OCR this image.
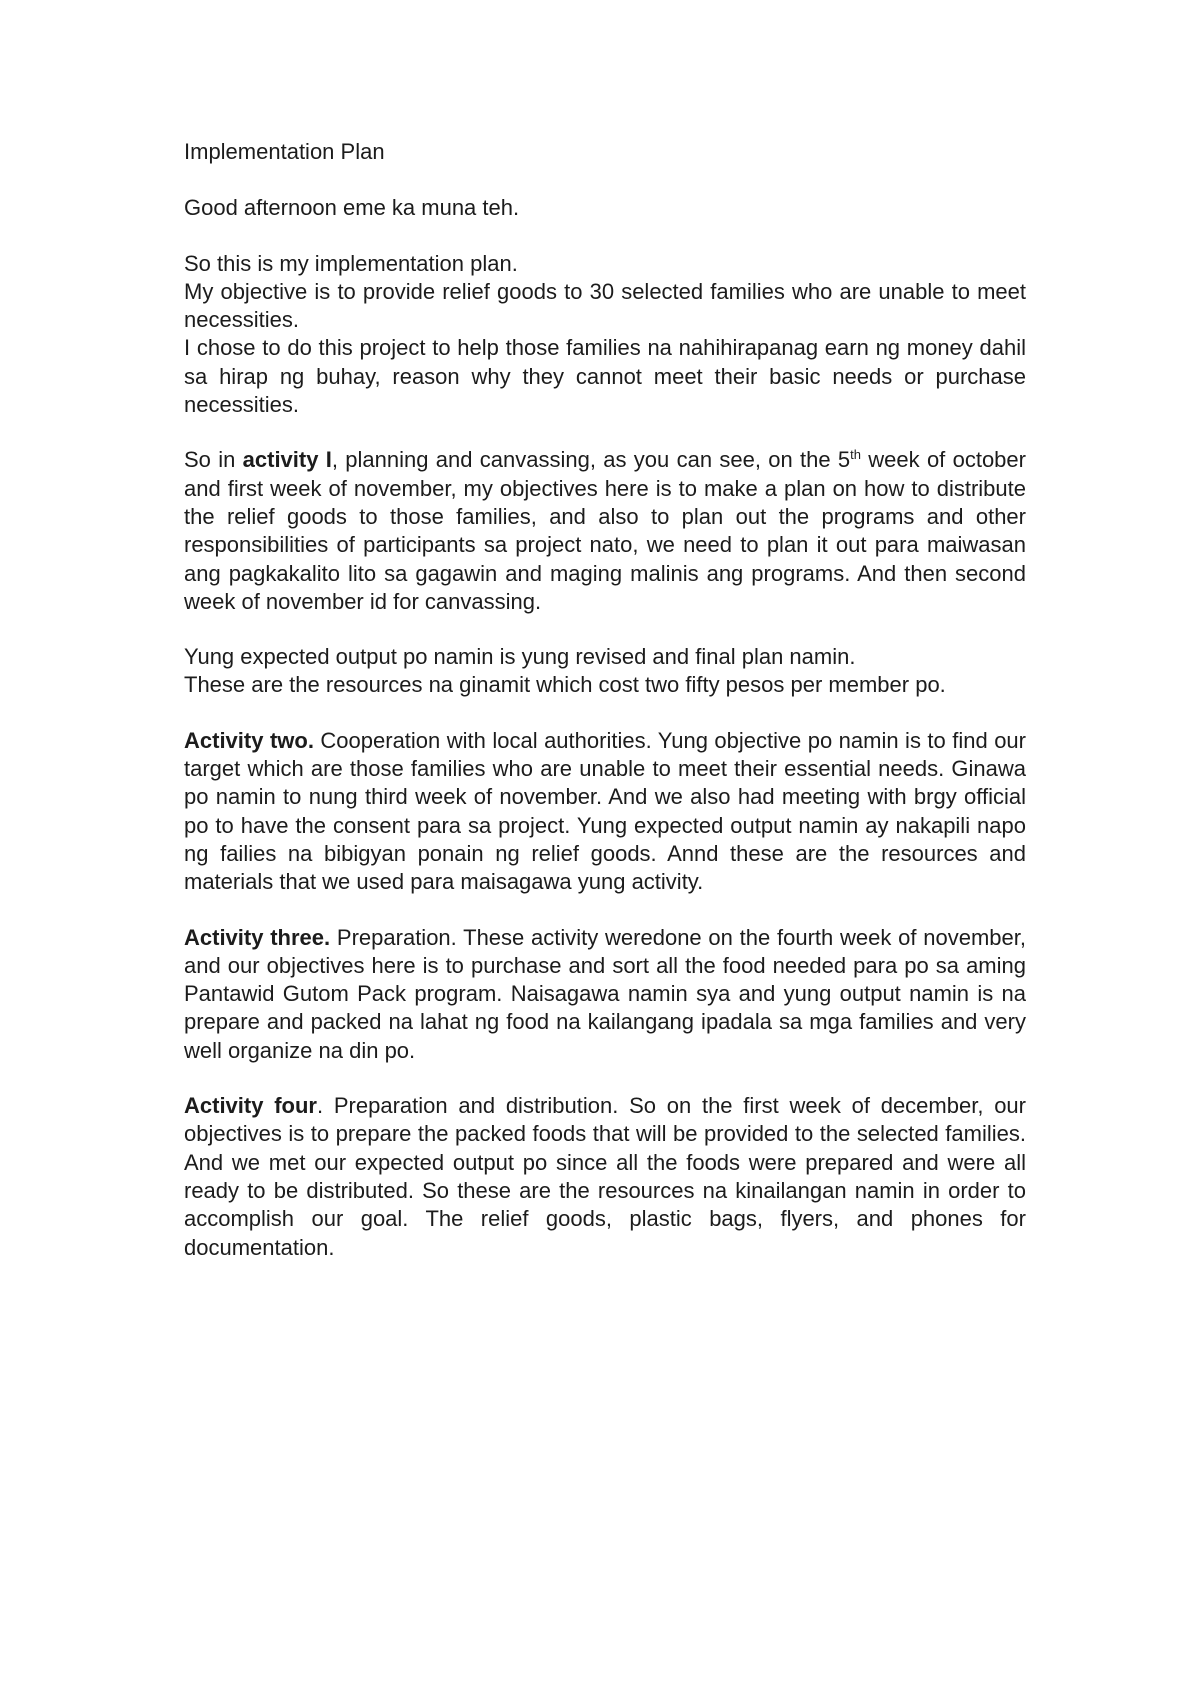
Implementation Plan

Good afternoon eme ka muna teh.

So this is my implementation plan.

My objective is to provide relief goods to 30 selected families who are unable to meet necessities.

I chose to do this project to help those families na nahihirapanag earn ng money dahil sa hirap ng buhay, reason why they cannot meet their basic needs or purchase necessities.

So in activity I, planning and canvassing, as you can see, on the 5th week of october and first week of november, my objectives here is to make a plan on how to distribute the relief goods to those families, and also to plan out the programs and other responsibilities of participants sa project nato, we need to plan it out para maiwasan ang pagkakalito lito sa gagawin and maging malinis ang programs. And then second week of november id for canvassing.

Yung expected output po namin is yung revised and final plan namin.

These are the resources na ginamit which cost two fifty pesos per member po.

Activity two. Cooperation with local authorities. Yung objective po namin is to find our target which are those families who are unable to meet their essential needs. Ginawa po namin to nung third week of november. And we also had meeting with brgy official po to have the consent para sa project. Yung expected output namin ay nakapili napo ng failies na bibigyan ponain ng relief goods. Annd these are the resources and materials that we used para maisagawa yung activity.

Activity three. Preparation. These activity weredone on the fourth week of november, and our objectives here is to purchase and sort all the food needed para po sa aming Pantawid Gutom Pack program. Naisagawa namin sya and yung output namin is na prepare and packed na lahat ng food na kailangang ipadala sa mga families and very well organize na din po.

Activity four. Preparation and distribution. So on the first week of december, our objectives is to prepare the packed foods that will be provided to the selected families. And we met our expected output po since all the foods were prepared and were all ready to be distributed. So these are the resources na kinailangan namin in order to accomplish our goal. The relief goods, plastic bags, flyers, and phones for documentation.
